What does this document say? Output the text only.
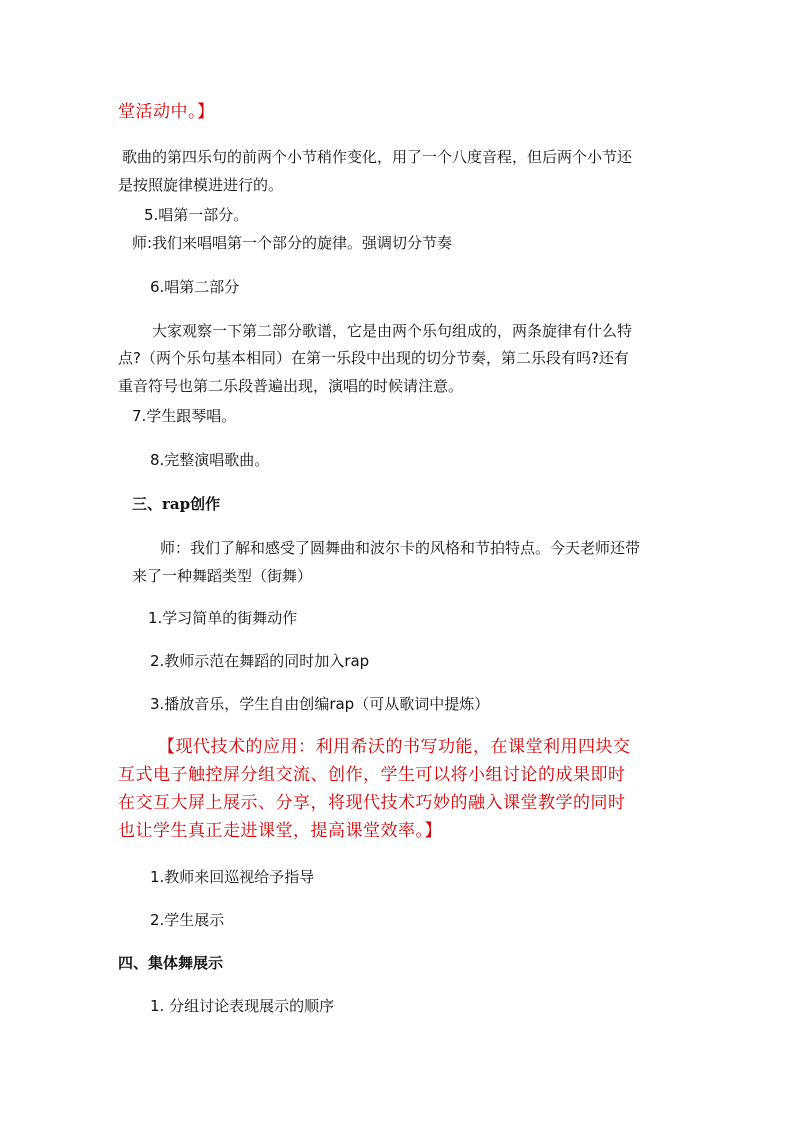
堂活动中。】
歌曲的第四乐句的前两个小节稍作变化，用了一个八度音程，但后两个小节还
是按照旋律模进进行的。
5.唱第一部分。
师:我们来唱唱第一个部分的旋律。强调切分节奏
6.唱第二部分
大家观察一下第二部分歌谱，它是由两个乐句组成的，两条旋律有什么特
点?（两个乐句基本相同）在第一乐段中出现的切分节奏，第二乐段有吗?还有
重音符号也第二乐段普遍出现，演唱的时候请注意。
7.学生跟琴唱。
8.完整演唱歌曲。
三、rap创作
师：我们了解和感受了圆舞曲和波尔卡的风格和节拍特点。今天老师还带
来了一种舞蹈类型（街舞）
1.学习简单的街舞动作
2.教师示范在舞蹈的同时加入rap
3.播放音乐，学生自由创编rap（可从歌词中提炼）
【现代技术的应用：利用希沃的书写功能，在课堂利用四块交
互式电子触控屏分组交流、创作，学生可以将小组讨论的成果即时
在交互大屏上展示、分享，将现代技术巧妙的融入课堂教学的同时
也让学生真正走进课堂，提高课堂效率。】
1.教师来回巡视给予指导
2.学生展示
四、集体舞展示
1. 分组讨论表现展示的顺序
